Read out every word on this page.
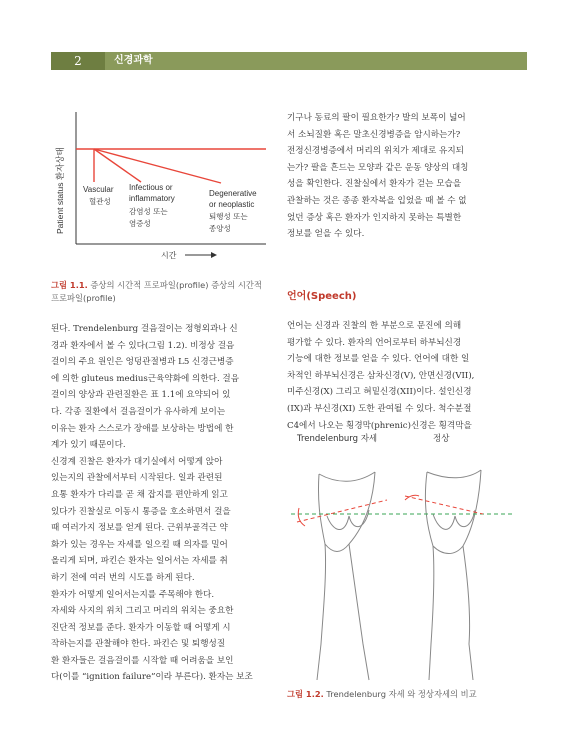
2	신경과학
Patient status 환자상태 Vascular
혈관성
Infectious or
inflammatory
감염성 또는
염증성
Degenerative
or neoplastic
퇴행성 또는
종양성
시간
그림 1.1. 증상의 시간적 프로파일(profile) 증상의 시간적 프로파일(profile)
된다. Trendelenburg 걸음걸이는 정형외과나 신
경과 환자에서 볼 수 있다(그림 1.2). 비정상 걸음
걸이의 주요 원인은 엉덩관절병과 L5 신경근병증
에 의한 gluteus medius근육약화에 의한다. 걸음
걸이의 양상과 관련질환은 표 1.1에 요약되어 있
다. 각종 질환에서 걸음걸이가 유사하게 보이는
이유는 환자 스스로가 장애를 보상하는 방법에 한
계가 있기 때문이다.
신경계 진찰은 환자가 대기실에서 어떻게 앉아
있는지의 관찰에서부터 시작된다. 일과 관련된
요통 환자가 다리를 곧 채 잡지를 편안하게 읽고
있다가 진찰실로 이동시 통증을 호소하면서 걸을
때 여러가지 정보를 얻게 된다. 근위부골격근 약
화가 있는 경우는 자세를 일으킬 때 의자를 밀어
올리게 되며, 파킨슨 환자는 일어서는 자세를 취
하기 전에 여러 번의 시도를 하게 된다.
환자가 어떻게 일어서는지를 주목해야 한다.
자세와 사지의 위치 그리고 머리의 위치는 중요한
진단적 정보를 준다. 환자가 이동할 때 어떻게 시
작하는지를 관찰해야 한다. 파킨슨 및 퇴행성질
환 환자들은 걸음걸이를 시작할 때 어려움을 보인
다(이를 “ignition failure”이라 부른다). 환자는 보조
기구나 동료의 팔이 필요한가? 발의 보폭이 넓어
서 소뇌질환 혹은 말초신경병증을 암시하는가?
전정신경병증에서 머리의 위치가 제대로 유지되
는가? 팔을 흔드는 모양과 같은 운동 양상의 대칭
성을 확인한다. 진찰실에서 환자가 걷는 모습을
관찰하는 것은 종종 환자복을 입었을 때 볼 수 없
었던 증상 혹은 환자가 인지하지 못하는 특별한
정보를 얻을 수 있다.
언어(Speech)
언어는 신경과 진찰의 한 부분으로 문진에 의해
평가할 수 있다. 환자의 언어로부터 하부뇌신경
기능에 대한 정보를 얻을 수 있다. 언어에 대한 일
차적인 하부뇌신경은 삼차신경(V), 안면신경(VII),
미주신경(X) 그리고 혀밑신경(XII)이다. 설인신경
(IX)과 부신경(XI) 도한 관여될 수 있다. 척수분절
C4에서 나오는 횡경막(phrenic)신경은 횡격막을
Trendelenburg 자세	정상
그림 1.2. Trendelenburg 자세 와 정상자세의 비교
